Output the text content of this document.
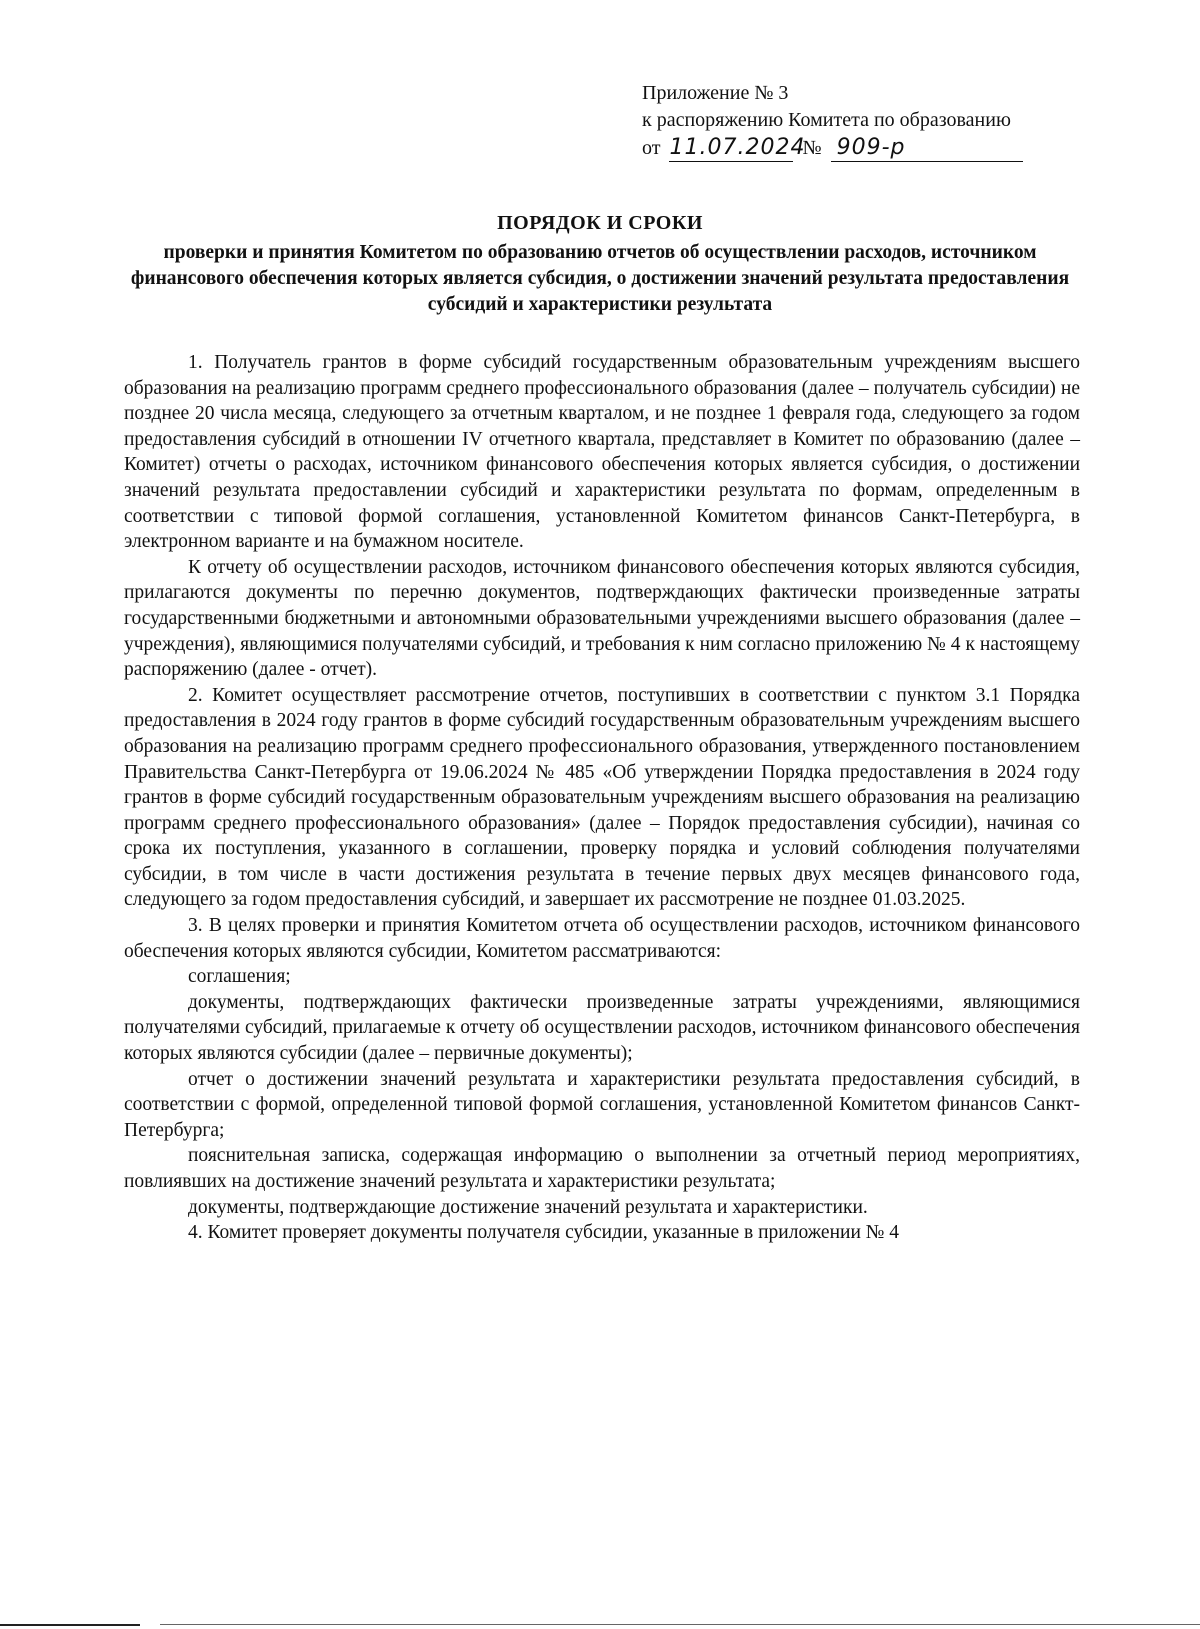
Приложение № 3
к распоряжению Комитета по образованию
от 11.07.2024 № 909-р
ПОРЯДОК И СРОКИ
проверки и принятия Комитетом по образованию отчетов об осуществлении расходов, источником финансового обеспечения которых является субсидия, о достижении значений результата предоставления субсидий и характеристики результата

1. Получатель грантов в форме субсидий государственным образовательным учреждениям высшего образования на реализацию программ среднего профессионального образования (далее – получатель субсидии) не позднее 20 числа месяца, следующего за отчетным кварталом, и не позднее 1 февраля года, следующего за годом предоставления субсидий в отношении IV отчетного квартала, представляет в Комитет по образованию (далее – Комитет) отчеты о расходах, источником финансового обеспечения которых является субсидия, о достижении значений результата предоставлении субсидий и характеристики результата по формам, определенным в соответствии с типовой формой соглашения, установленной Комитетом финансов Санкт-Петербурга, в электронном варианте и на бумажном носителе.

К отчету об осуществлении расходов, источником финансового обеспечения которых являются субсидия, прилагаются документы по перечню документов, подтверждающих фактически произведенные затраты государственными бюджетными и автономными образовательными учреждениями высшего образования (далее – учреждения), являющимися получателями субсидий, и требования к ним согласно приложению № 4 к настоящему распоряжению (далее - отчет).

2. Комитет осуществляет рассмотрение отчетов, поступивших в соответствии с пунктом 3.1 Порядка предоставления в 2024 году грантов в форме субсидий государственным образовательным учреждениям высшего образования на реализацию программ среднего профессионального образования, утвержденного постановлением Правительства Санкт-Петербурга от 19.06.2024 № 485 «Об утверждении Порядка предоставления в 2024 году грантов в форме субсидий государственным образовательным учреждениям высшего образования на реализацию программ среднего профессионального образования» (далее – Порядок предоставления субсидии), начиная со срока их поступления, указанного в соглашении, проверку порядка и условий соблюдения получателями субсидии, в том числе в части достижения результата в течение первых двух месяцев финансового года, следующего за годом предоставления субсидий, и завершает их рассмотрение не позднее 01.03.2025.

3. В целях проверки и принятия Комитетом отчета об осуществлении расходов, источником финансового обеспечения которых являются субсидии, Комитетом рассматриваются:

соглашения;

документы, подтверждающих фактически произведенные затраты учреждениями, являющимися получателями субсидий, прилагаемые к отчету об осуществлении расходов, источником финансового обеспечения которых являются субсидии (далее – первичные документы);

отчет о достижении значений результата и характеристики результата предоставления субсидий, в соответствии с формой, определенной типовой формой соглашения, установленной Комитетом финансов Санкт-Петербурга;

пояснительная записка, содержащая информацию о выполнении за отчетный период мероприятиях, повлиявших на достижение значений результата и характеристики результата;

документы, подтверждающие достижение значений результата и характеристики.

4. Комитет проверяет документы получателя субсидии, указанные в приложении № 4
